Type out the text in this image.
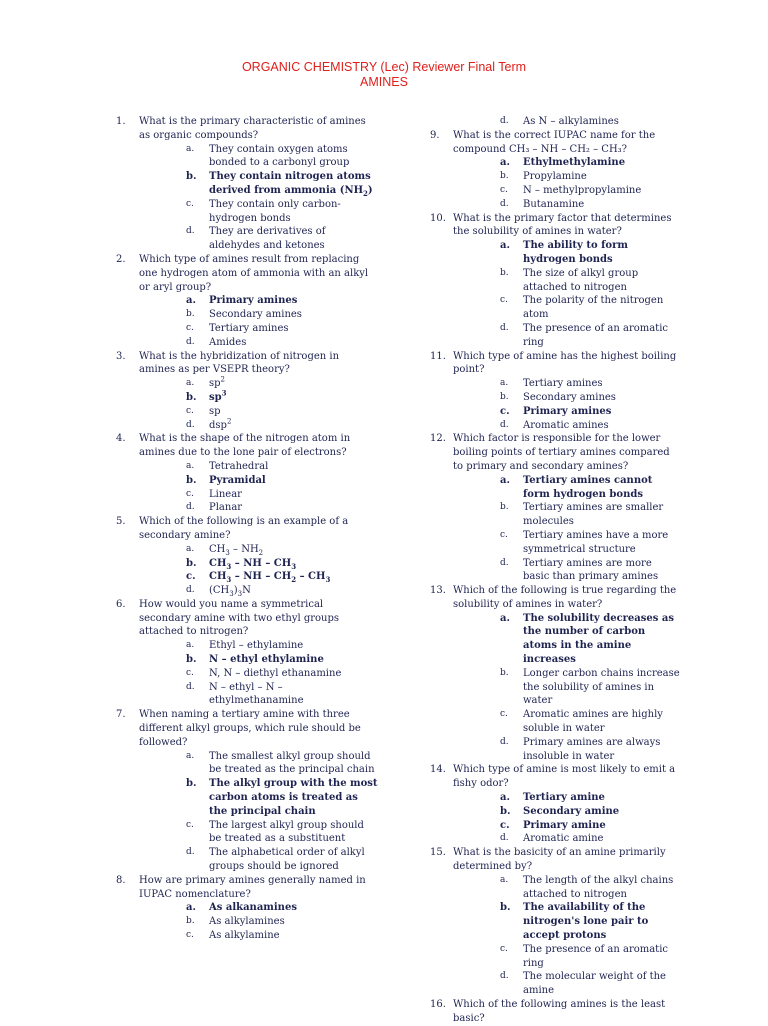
ORGANIC CHEMISTRY (Lec) Reviewer Final Term
AMINES
1. What is the primary characteristic of amines as organic compounds?
a. They contain oxygen atoms bonded to a carbonyl group
b. They contain nitrogen atoms derived from ammonia $(NH_2)$
c. They contain only carbon-hydrogen bonds
d. They are derivatives of aldehydes and ketones
2. Which type of amines result from replacing one hydrogen atom of ammonia with an alkyl or aryl group?
a. Primary amines
b. Secondary amines
c. Tertiary amines
d. Amides
3. What is the hybridization of nitrogen in amines as per VSEPR theory?
a. $sp^2$
b. $sp^3$
c. sp
d. dsp$^2$
4. What is the shape of the nitrogen atom in amines due to the lone pair of electrons?
a. Tetrahedral
b. Pyramidal
c. Linear
d. Planar
5. Which of the following is an example of a secondary amine?
a. $CH_3 - NH_2$
b. $CH_3$ – NH – $CH_3$
c. $CH_3$ – NH – $CH_2 - CH_3$
d. $(CH_3)_3N$
6. How would you name a symmetrical secondary amine with two ethyl groups attached to nitrogen?
a. Ethyl – ethylamine
b. N – ethyl ethylamine
c. N, N – diethyl ethanamine
d. N – ethyl – N – ethylmethanamine
7. When naming a tertiary amine with three different alkyl groups, which rule should be followed?
a. The smallest alkyl group should be treated as the principal chain
b. The alkyl group with the most carbon atoms is treated as the principal chain
c. The largest alkyl group should be treated as a substituent
d. The alphabetical order of alkyl groups should be ignored
8. How are primary amines generally named in IUPAC nomenclature?
a. As alkanamines
b. As alkylamines
c. As alkylamine
d. As N – alkylamines
9. What is the correct IUPAC name for the compound CH₃ – NH – CH₂ – CH₃?
a. Ethylmethylamine
b. Propylamine
c. N – methylpropylamine
d. Butanamine
10. What is the primary factor that determines the solubility of amines in water?
a. The ability to form hydrogen bonds
b. The size of alkyl group attached to nitrogen
c. The polarity of the nitrogen atom
d. The presence of an aromatic ring
11. Which type of amine has the highest boiling point?
a. Tertiary amines
b. Secondary amines
c. Primary amines
d. Aromatic amines
12. Which factor is responsible for the lower boiling points of tertiary amines compared to primary and secondary amines?
a. Tertiary amines cannot form hydrogen bonds
b. Tertiary amines are smaller molecules
c. Tertiary amines have a more symmetrical structure
d. Tertiary amines are more basic than primary amines
13. Which of the following is true regarding the solubility of amines in water?
a. The solubility decreases as the number of carbon atoms in the amine increases
b. Longer carbon chains increase the solubility of amines in water
c. Aromatic amines are highly soluble in water
d. Primary amines are always insoluble in water
14. Which type of amine is most likely to emit a fishy odor?
a. Tertiary amine
b. Secondary amine
c. Primary amine
d. Aromatic amine
15. What is the basicity of an amine primarily determined by?
a. The length of the alkyl chains attached to nitrogen
b. The availability of the nitrogen's lone pair to accept protons
c. The presence of an aromatic ring
d. The molecular weight of the amine
16. Which of the following amines is the least basic?
